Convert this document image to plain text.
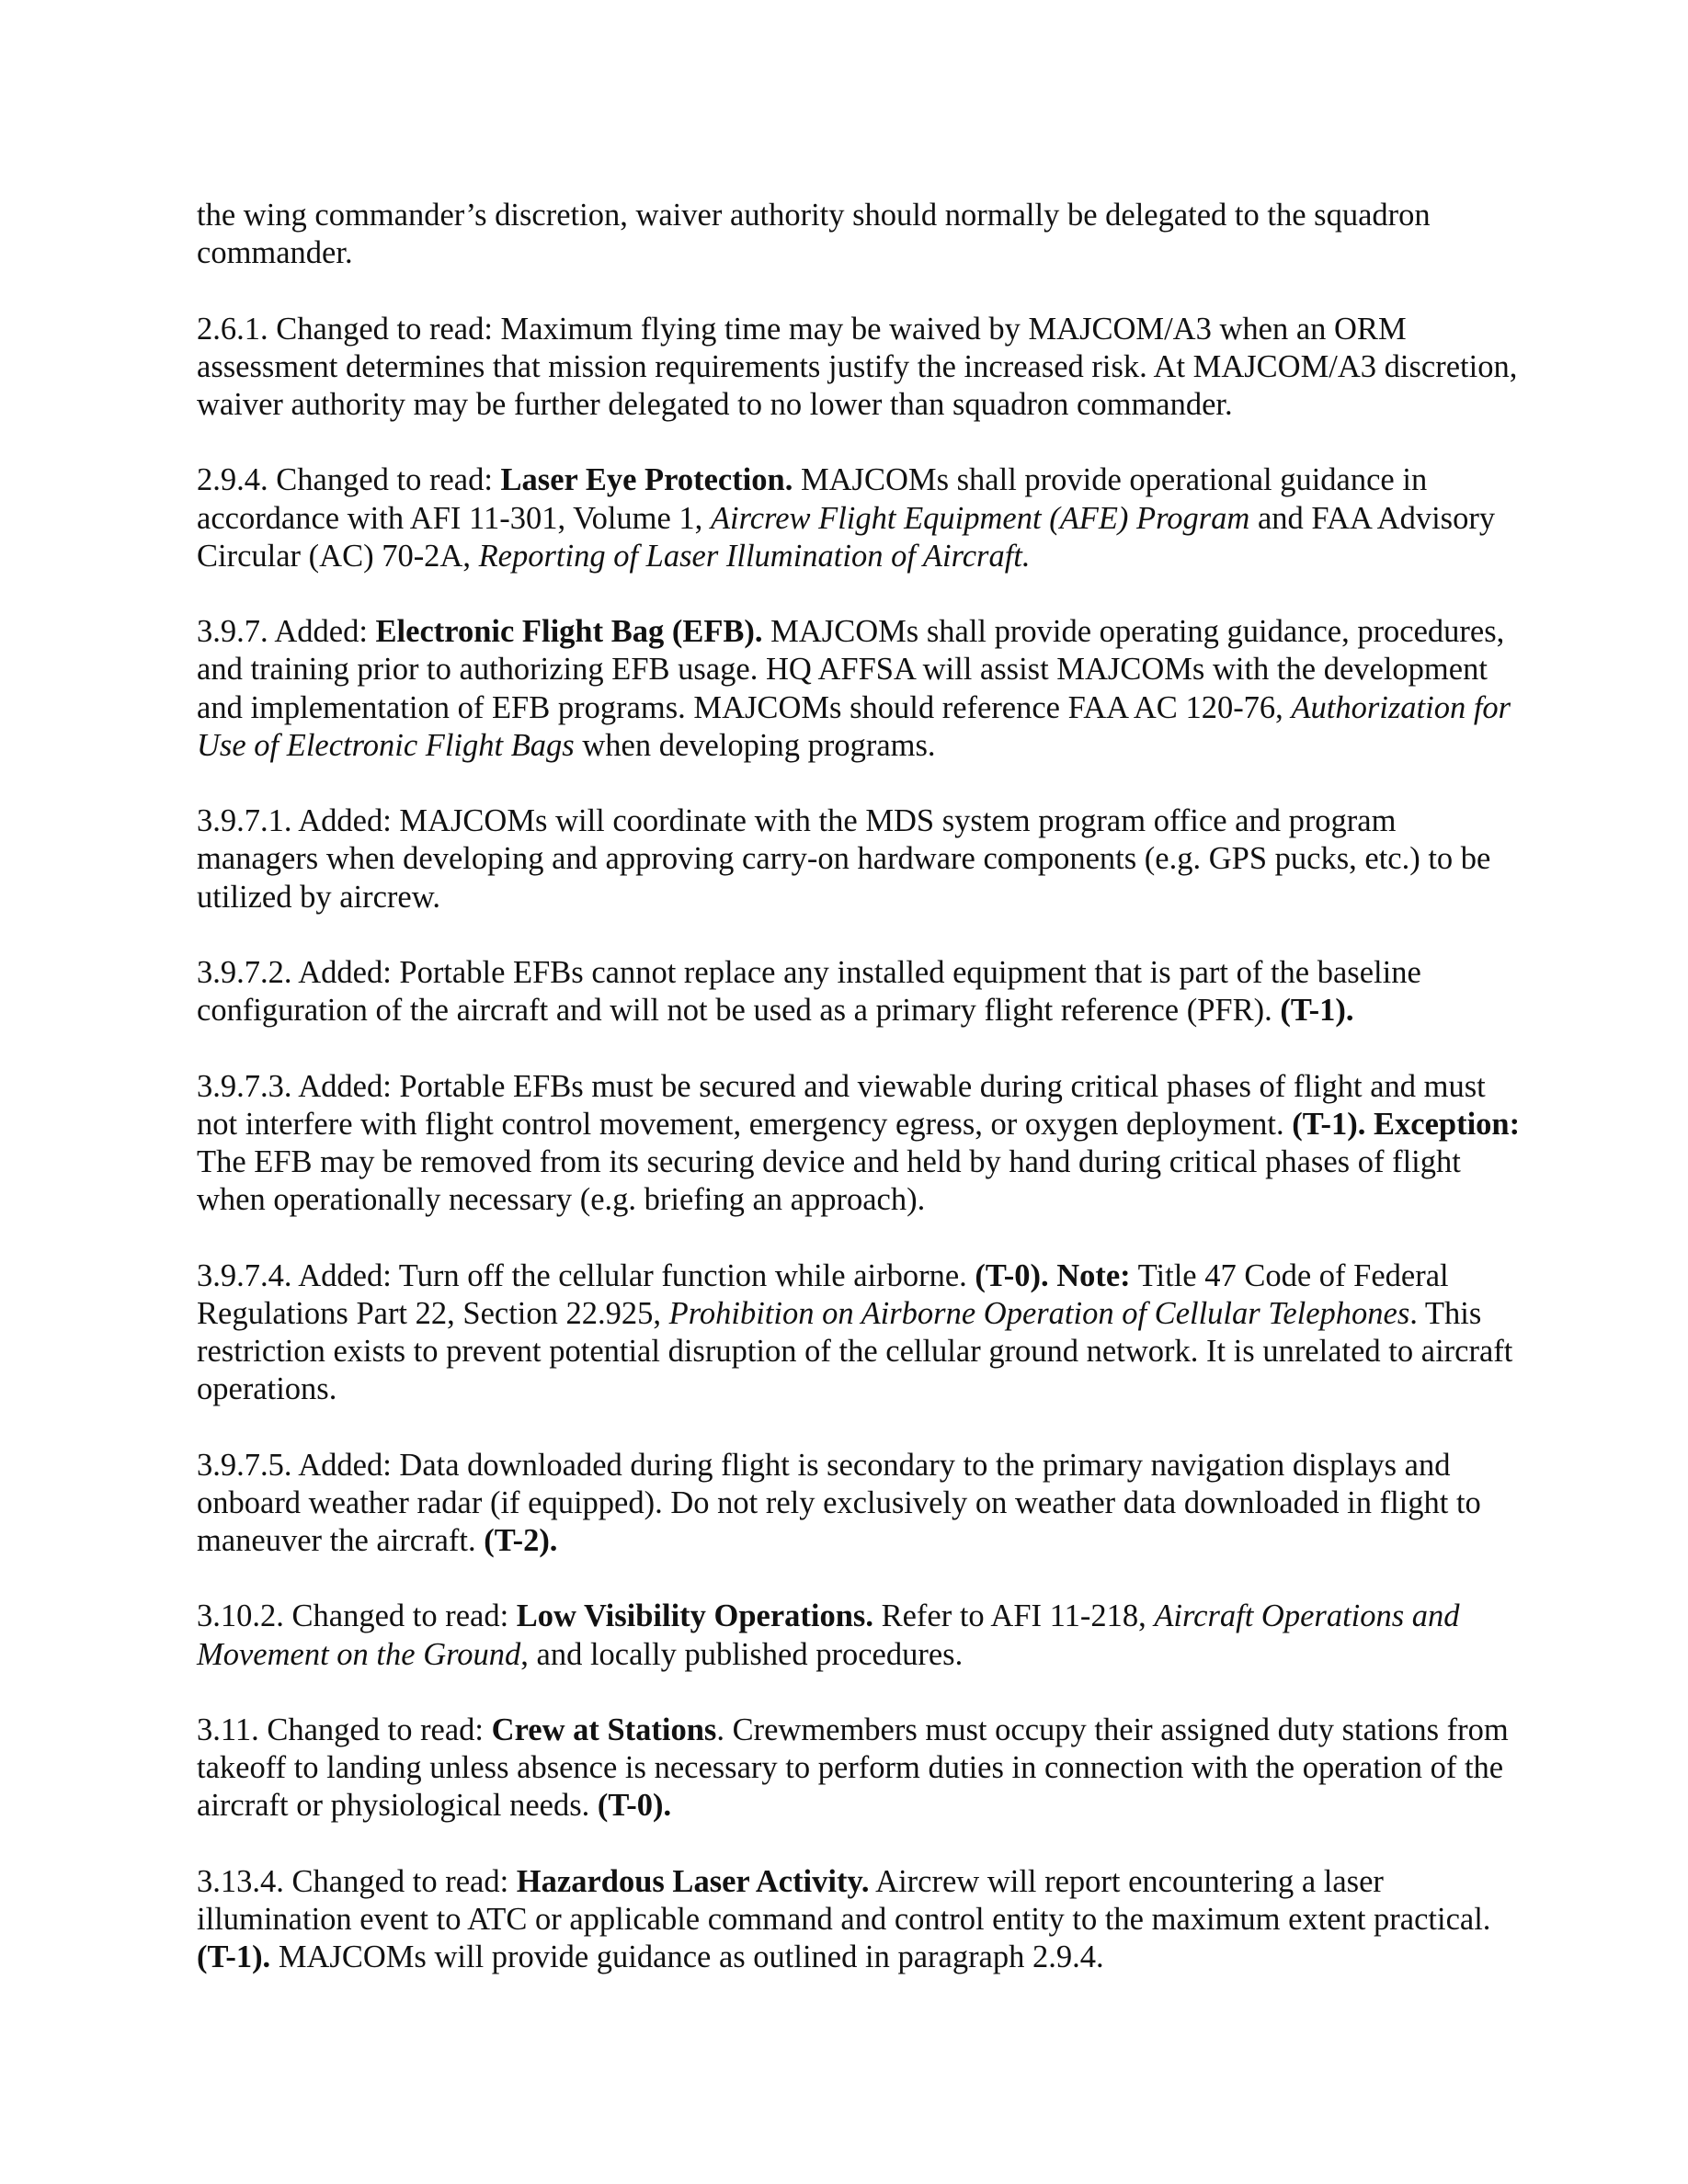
the wing commander’s discretion, waiver authority should normally be delegated to the squadron commander.

2.6.1. Changed to read: Maximum flying time may be waived by MAJCOM/A3 when an ORM assessment determines that mission requirements justify the increased risk. At MAJCOM/A3 discretion, waiver authority may be further delegated to no lower than squadron commander.

2.9.4. Changed to read: Laser Eye Protection. MAJCOMs shall provide operational guidance in accordance with AFI 11-301, Volume 1, Aircrew Flight Equipment (AFE) Program and FAA Advisory Circular (AC) 70-2A, Reporting of Laser Illumination of Aircraft.

3.9.7. Added: Electronic Flight Bag (EFB). MAJCOMs shall provide operating guidance, procedures, and training prior to authorizing EFB usage. HQ AFFSA will assist MAJCOMs with the development and implementation of EFB programs. MAJCOMs should reference FAA AC 120-76, Authorization for Use of Electronic Flight Bags when developing programs.

3.9.7.1. Added: MAJCOMs will coordinate with the MDS system program office and program managers when developing and approving carry-on hardware components (e.g. GPS pucks, etc.) to be utilized by aircrew.

3.9.7.2. Added: Portable EFBs cannot replace any installed equipment that is part of the baseline configuration of the aircraft and will not be used as a primary flight reference (PFR). (T-1).

3.9.7.3. Added: Portable EFBs must be secured and viewable during critical phases of flight and must not interfere with flight control movement, emergency egress, or oxygen deployment. (T-1). Exception: The EFB may be removed from its securing device and held by hand during critical phases of flight when operationally necessary (e.g. briefing an approach).

3.9.7.4. Added: Turn off the cellular function while airborne. (T-0). Note: Title 47 Code of Federal Regulations Part 22, Section 22.925, Prohibition on Airborne Operation of Cellular Telephones. This restriction exists to prevent potential disruption of the cellular ground network. It is unrelated to aircraft operations.

3.9.7.5. Added: Data downloaded during flight is secondary to the primary navigation displays and onboard weather radar (if equipped). Do not rely exclusively on weather data downloaded in flight to maneuver the aircraft. (T-2).

3.10.2. Changed to read: Low Visibility Operations. Refer to AFI 11-218, Aircraft Operations and Movement on the Ground, and locally published procedures.

3.11. Changed to read: Crew at Stations. Crewmembers must occupy their assigned duty stations from takeoff to landing unless absence is necessary to perform duties in connection with the operation of the aircraft or physiological needs. (T-0).

3.13.4. Changed to read: Hazardous Laser Activity. Aircrew will report encountering a laser illumination event to ATC or applicable command and control entity to the maximum extent practical. (T-1). MAJCOMs will provide guidance as outlined in paragraph 2.9.4.
